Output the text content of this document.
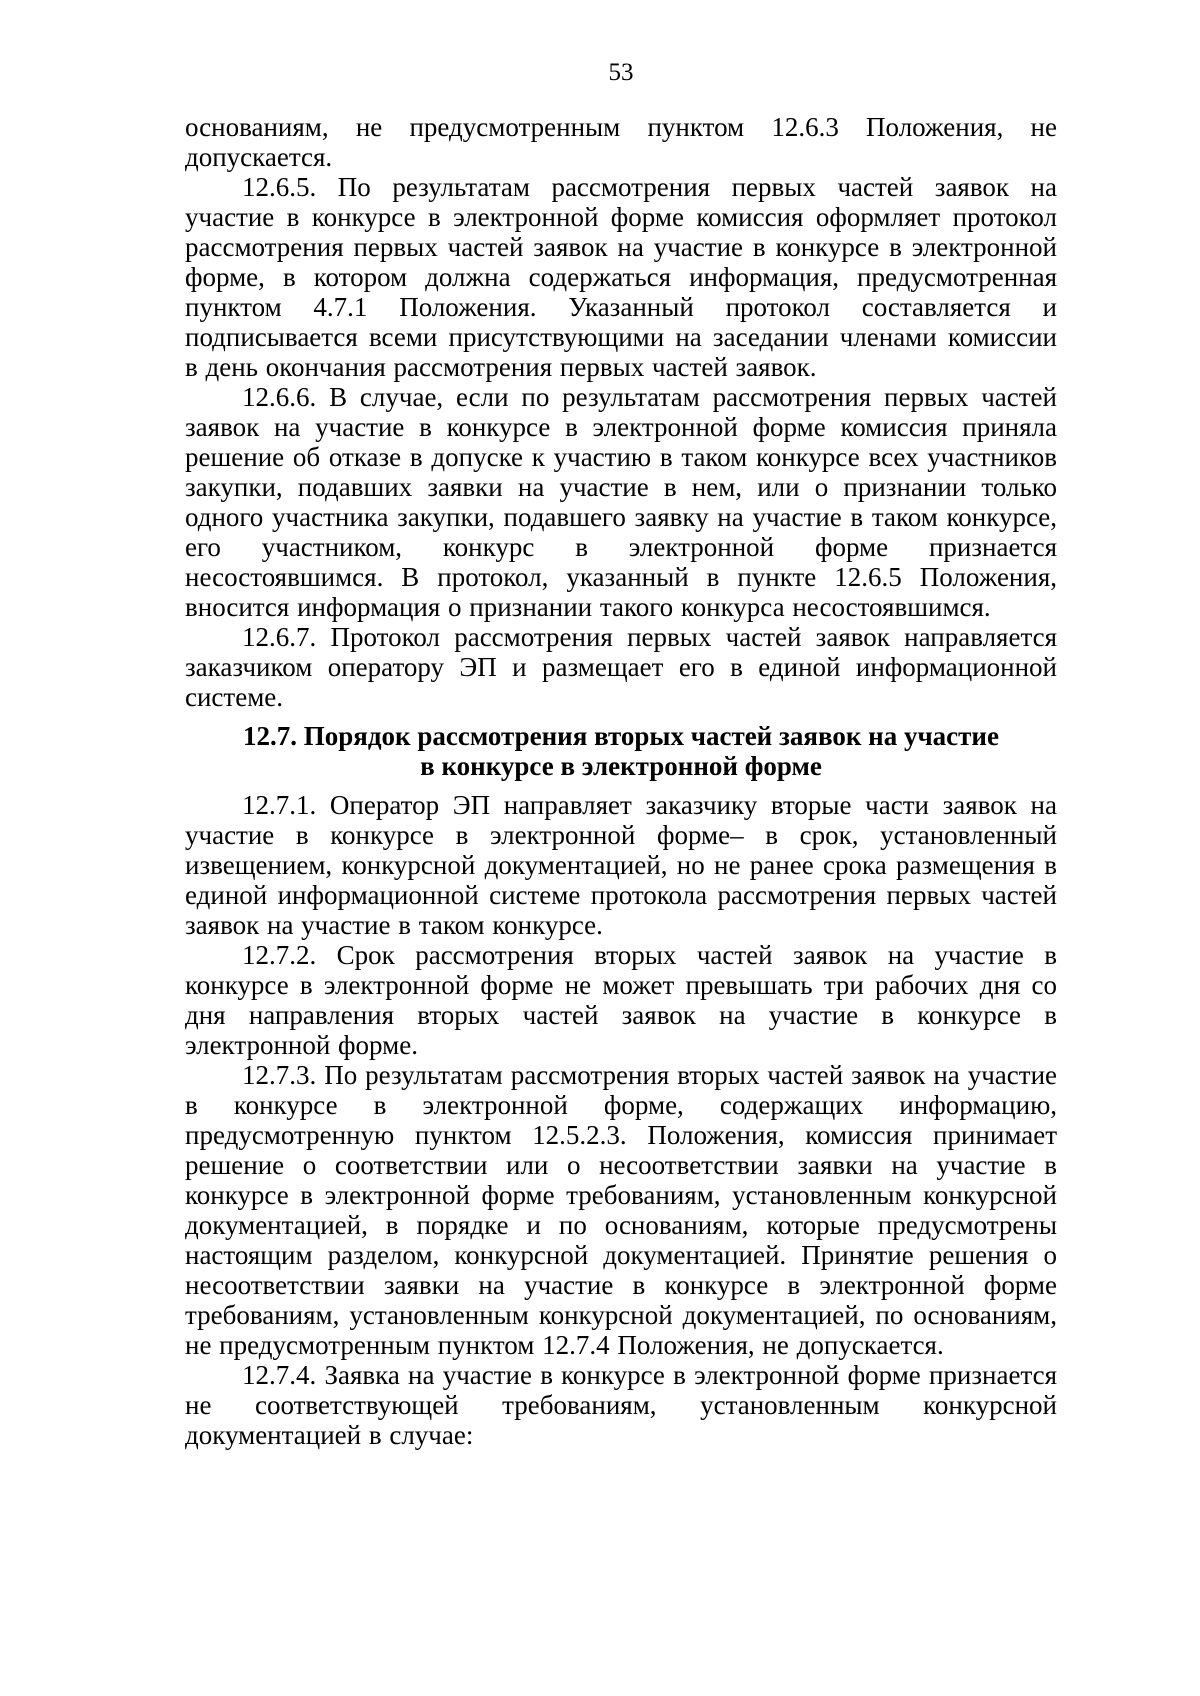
53

основаниям, не предусмотренным пунктом 12.6.3 Положения, не допускается.

12.6.5. По результатам рассмотрения первых частей заявок на участие в конкурсе в электронной форме комиссия оформляет протокол рассмотрения первых частей заявок на участие в конкурсе в электронной форме, в котором должна содержаться информация, предусмотренная пунктом 4.7.1 Положения. Указанный протокол составляется и подписывается всеми присутствующими на заседании членами комиссии в день окончания рассмотрения первых частей заявок.

12.6.6. В случае, если по результатам рассмотрения первых частей заявок на участие в конкурсе в электронной форме комиссия приняла решение об отказе в допуске к участию в таком конкурсе всех участников закупки, подавших заявки на участие в нем, или о признании только одного участника закупки, подавшего заявку на участие в таком конкурсе, его участником, конкурс в электронной форме признается несостоявшимся. В протокол, указанный в пункте 12.6.5 Положения, вносится информация о признании такого конкурса несостоявшимся.

12.6.7. Протокол рассмотрения первых частей заявок направляется заказчиком оператору ЭП и размещает его в единой информационной системе.

12.7. Порядок рассмотрения вторых частей заявок на участие
в конкурсе в электронной форме

12.7.1. Оператор ЭП направляет заказчику вторые части заявок на участие в конкурсе в электронной форме– в срок, установленный извещением, конкурсной документацией, но не ранее срока размещения в единой информационной системе протокола рассмотрения первых частей заявок на участие в таком конкурсе.

12.7.2. Срок рассмотрения вторых частей заявок на участие в конкурсе в электронной форме не может превышать три рабочих дня со дня направления вторых частей заявок на участие в конкурсе в электронной форме.

12.7.3. По результатам рассмотрения вторых частей заявок на участие в конкурсе в электронной форме, содержащих информацию, предусмотренную пунктом 12.5.2.3. Положения, комиссия принимает решение о соответствии или о несоответствии заявки на участие в конкурсе в электронной форме требованиям, установленным конкурсной документацией, в порядке и по основаниям, которые предусмотрены настоящим разделом, конкурсной документацией. Принятие решения о несоответствии заявки на участие в конкурсе в электронной форме требованиям, установленным конкурсной документацией, по основаниям, не предусмотренным пунктом 12.7.4 Положения, не допускается.

12.7.4. Заявка на участие в конкурсе в электронной форме признается не соответствующей требованиям, установленным конкурсной документацией в случае:
